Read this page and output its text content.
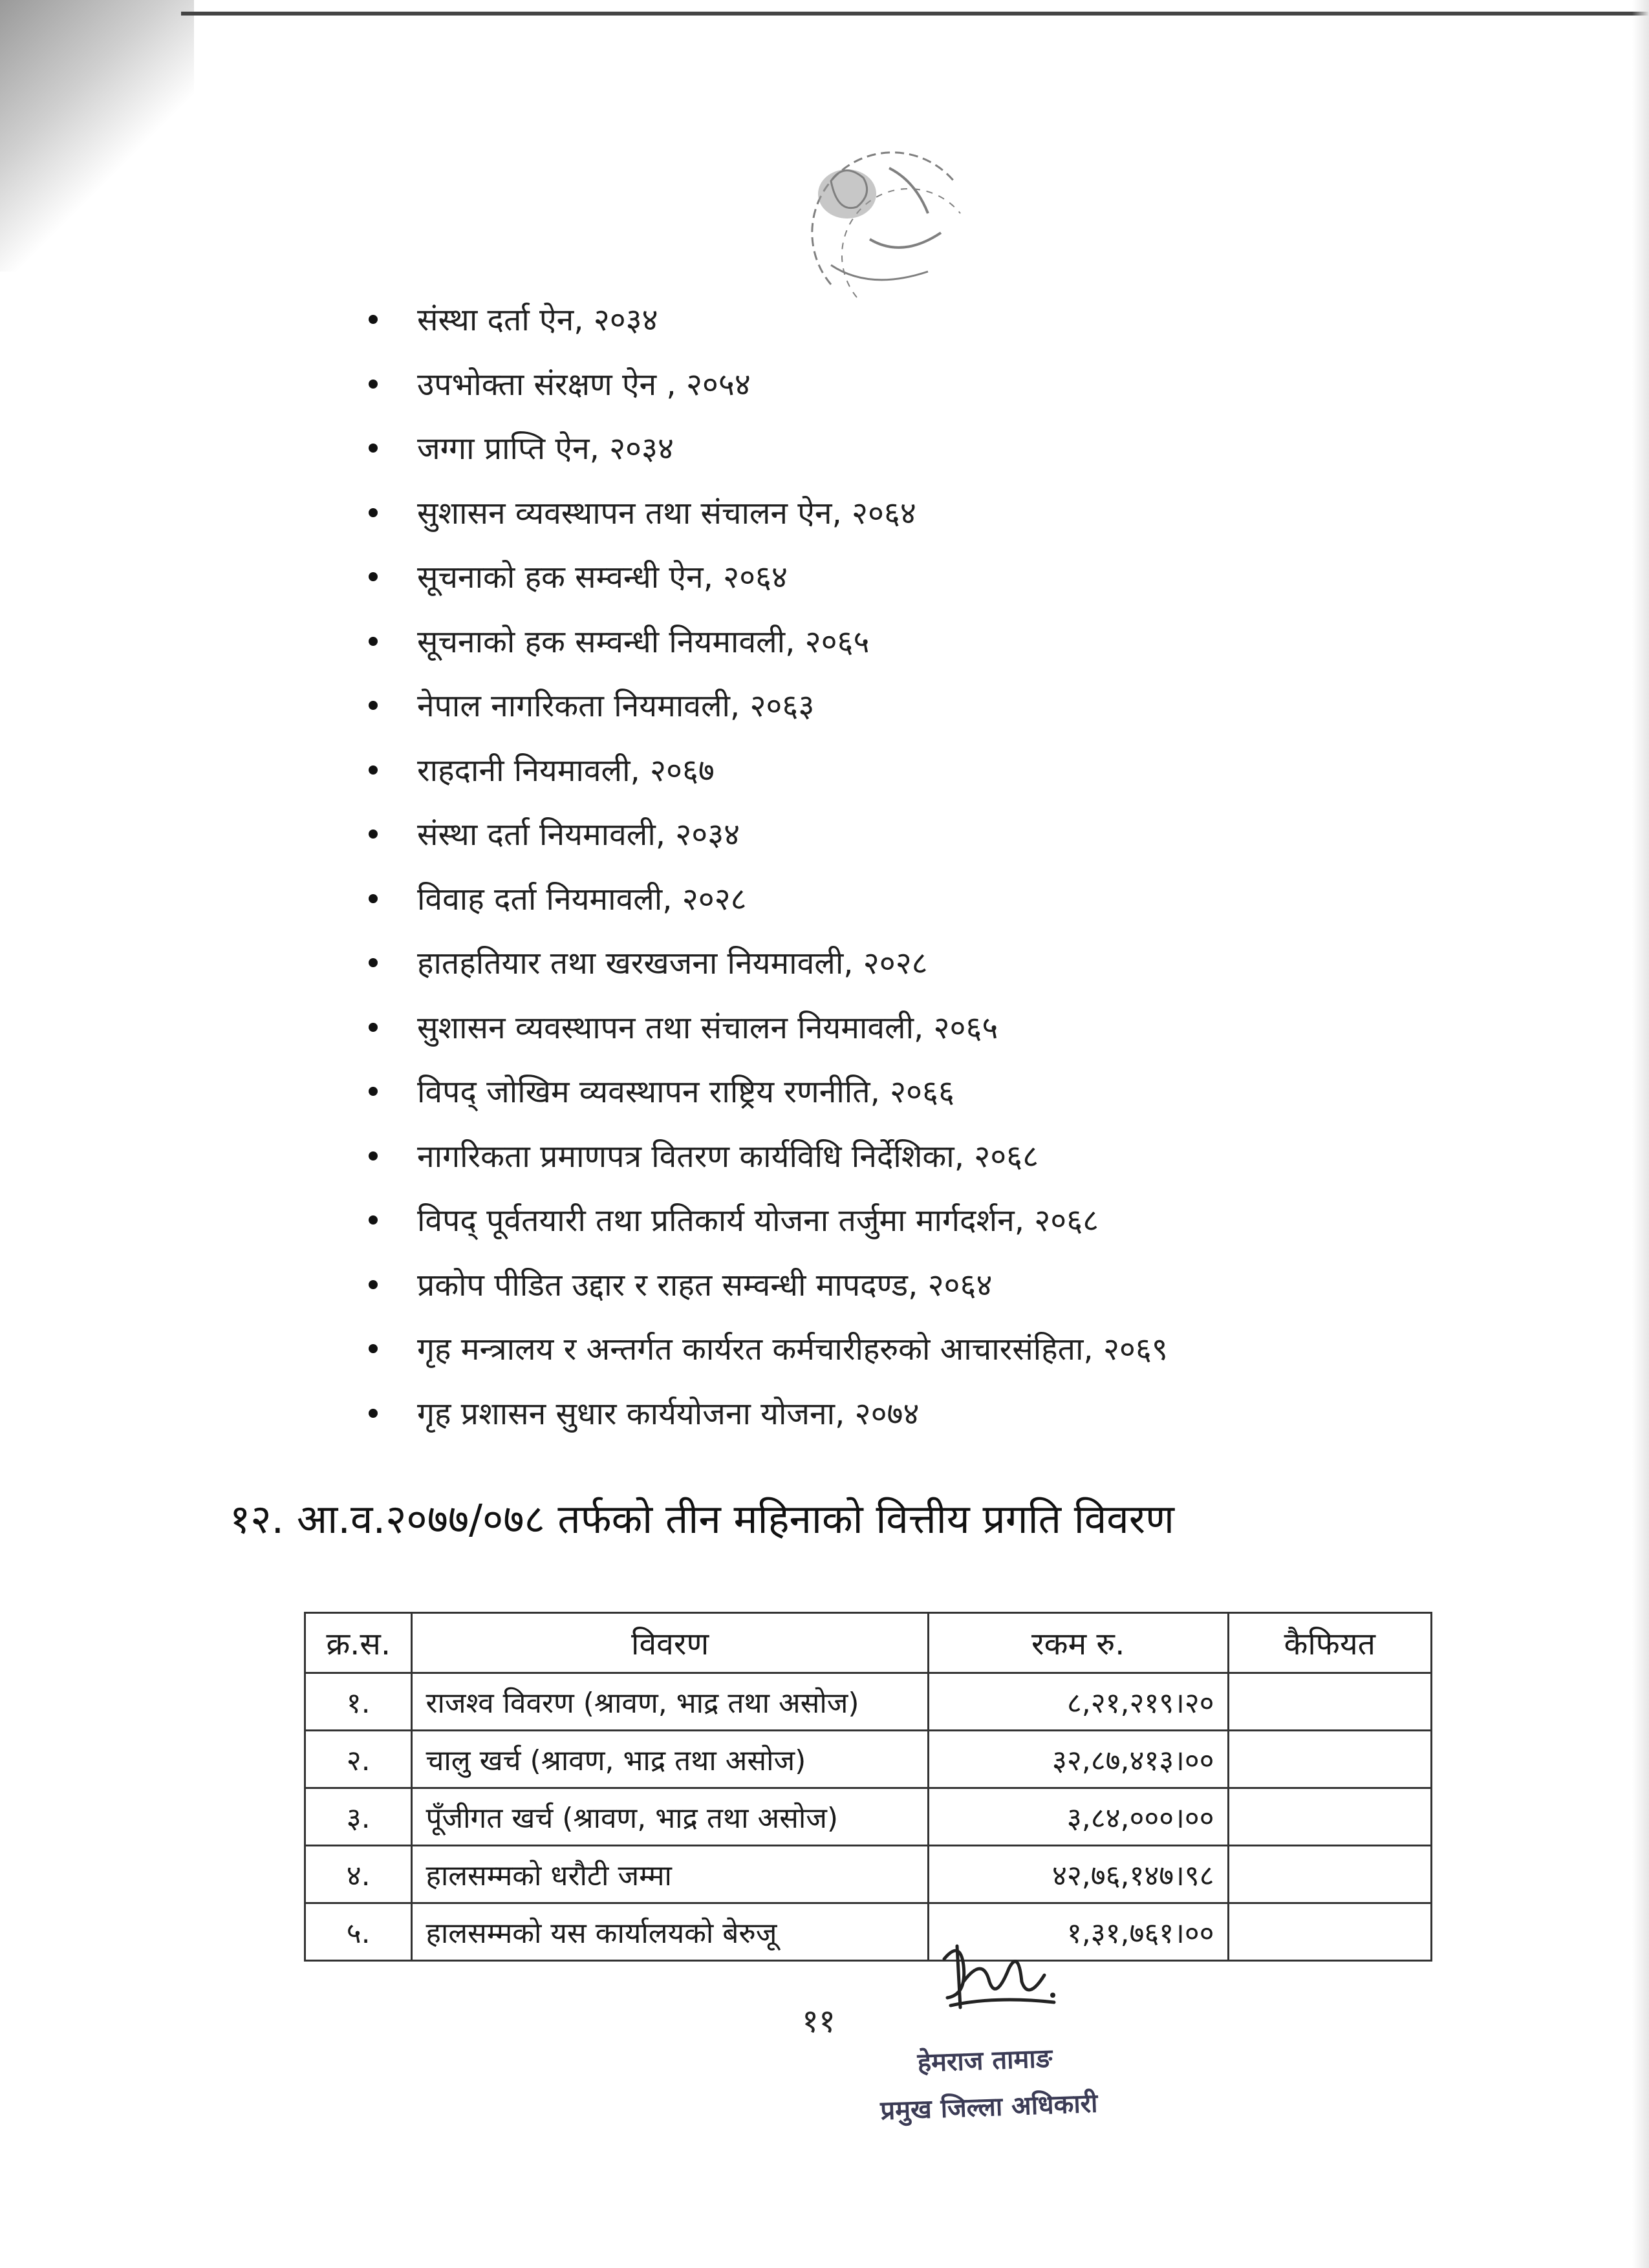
संस्था दर्ता ऐन, २०३४
उपभोक्ता संरक्षण ऐन , २०५४
जग्गा प्राप्ति ऐन, २०३४
सुशासन व्यवस्थापन तथा संचालन ऐन, २०६४
सूचनाको हक सम्वन्धी ऐन, २०६४
सूचनाको हक सम्वन्धी नियमावली, २०६५
नेपाल नागरिकता नियमावली, २०६३
राहदानी नियमावली, २०६७
संस्था दर्ता नियमावली, २०३४
विवाह दर्ता नियमावली, २०२८
हातहतियार तथा खरखजना नियमावली, २०२८
सुशासन व्यवस्थापन तथा संचालन नियमावली, २०६५
विपद् जोखिम व्यवस्थापन राष्ट्रिय रणनीति, २०६६
नागरिकता प्रमाणपत्र वितरण कार्यविधि निर्देशिका, २०६८
विपद् पूर्वतयारी तथा प्रतिकार्य योजना तर्जुमा मार्गदर्शन, २०६८
प्रकोप पीडित उद्दार र राहत सम्वन्धी मापदण्ड, २०६४
गृह मन्त्रालय र अन्तर्गत कार्यरत कर्मचारीहरुको आचारसंहिता, २०६९
गृह प्रशासन सुधार कार्ययोजना योजना, २०७४
१२. आ.व.२०७७/०७८ तर्फको तीन महिनाको वित्तीय प्रगति विवरण
क्र.स.	विवरण	रकम रु.	कैफियत
१.	राजश्व विवरण (श्रावण, भाद्र तथा असोज)	८,२१,२१९।२०	
२.	चालु खर्च (श्रावण, भाद्र तथा असोज)	३२,८७,४१३।००	
३.	पूँजीगत खर्च (श्रावण, भाद्र तथा असोज)	३,८४,०००।००	
४.	हालसम्मको धरौटी जम्मा	४२,७६,१४७।९८	
५.	हालसम्मको यस कार्यालयको बेरुजू	१,३१,७६१।००	
११
हेमराज तामाङ
प्रमुख जिल्ला अधिकारी
